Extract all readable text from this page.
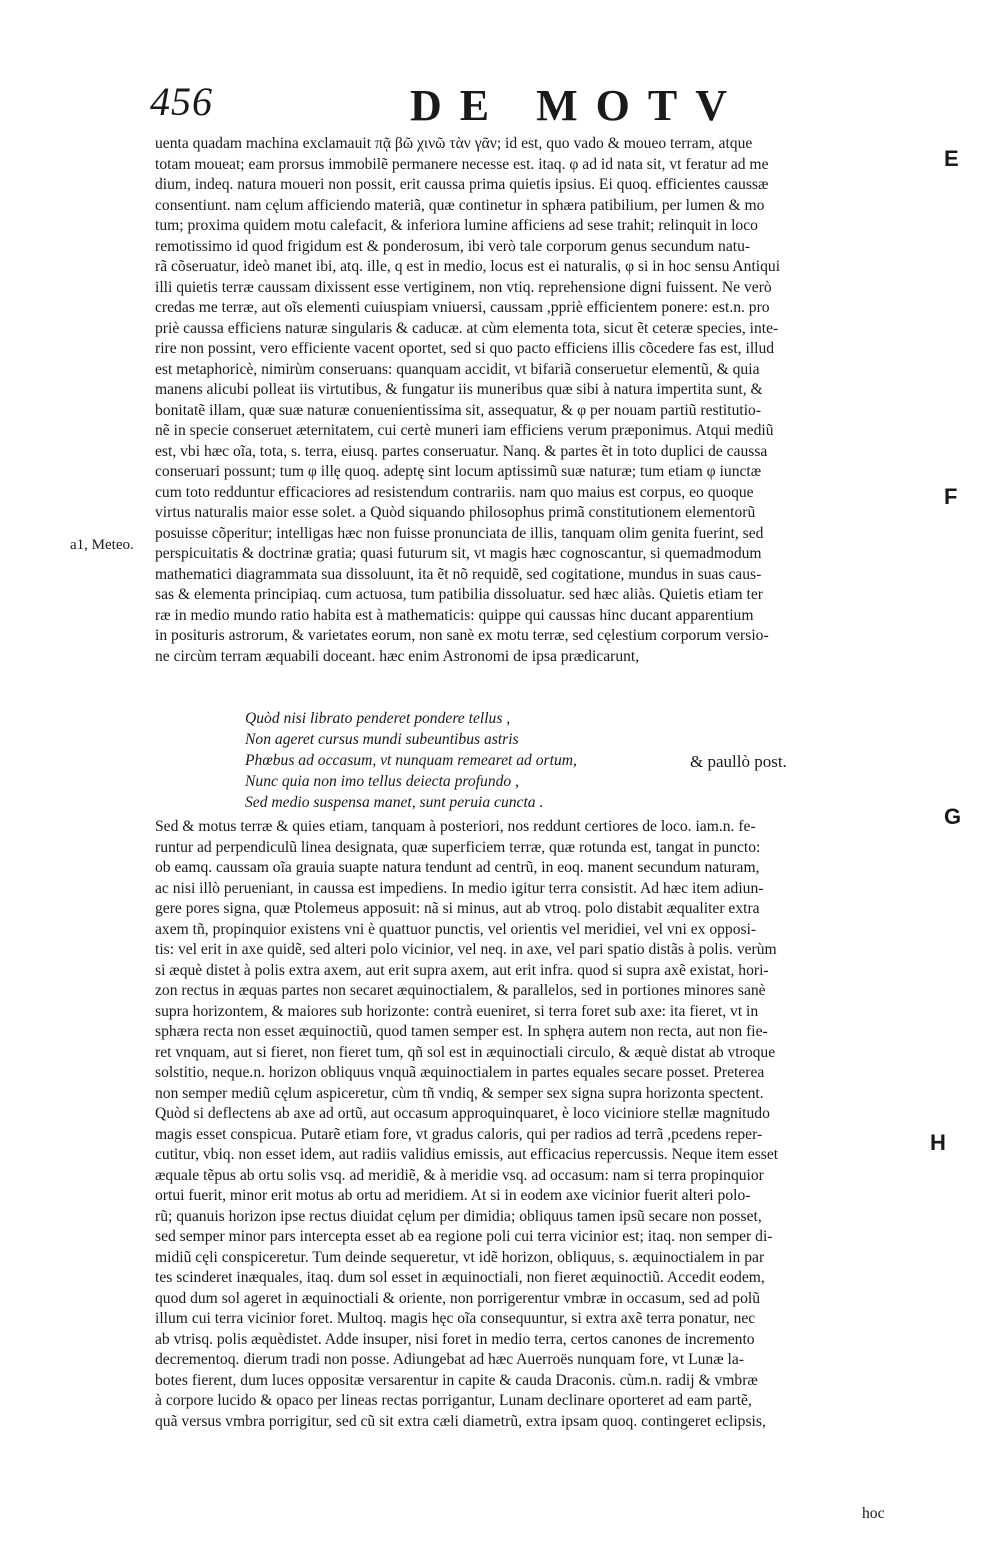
456	DE MOTV
a1, Meteo.
E
F
G
H
uenta quadam machina exclamauit πᾷ βῶ χινῶ τὰν γᾶν; id est, quo vado & moueo terram, atque
totam moueat; eam prorsus immobilẽ permanere necesse est. itaq. φ ad id nata sit, vt feratur ad me
dium, indeq. natura moueri non possit, erit caussa prima quietis ipsius. Ei quoq. efficientes caussæ
consentiunt. nam cęlum afficiendo materiã, quæ continetur in sphæra patibilium, per lumen & mo
tum; proxima quidem motu calefacit, & inferiora lumine afficiens ad sese trahit; relinquit in loco
remotissimo id quod frigidum est & ponderosum, ibi verò tale corporum genus secundum natu-
rã cõseruatur, ideò manet ibi, atq. ille, q est in medio, locus est ei naturalis, φ si in hoc sensu Antiqui
illi quietis terræ caussam dixissent esse vertiginem, non vtiq. reprehensione digni fuissent. Ne verò
credas me terræ, aut oĩs elementi cuiuspiam vniuersi, caussam ,ppriè efficientem ponere: est.n. pro
priè caussa efficiens naturæ singularis & caducæ. at cùm elementa tota, sicut ẽt ceteræ species, inte-
rire non possint, vero efficiente vacent oportet, sed si quo pacto efficiens illis cõcedere fas est, illud
est metaphoricè, nimirùm conseruans: quanquam accidit, vt bifariã conseruetur elementũ, & quia
manens alicubi polleat iis virtutibus, & fungatur iis muneribus quæ sibi à natura impertita sunt, &
bonitatẽ illam, quæ suæ naturæ conuenientissima sit, assequatur, & φ per nouam partiũ restitutio-
nẽ in specie conseruet æternitatem, cui certè muneri iam efficiens verum præponimus. Atqui mediũ
est, vbi hæc oĩa, tota, s. terra, eiusq. partes conseruatur. Nanq. & partes ẽt in toto duplici de caussa
conseruari possunt; tum φ illę quoq. adeptę sint locum aptissimũ suæ naturæ; tum etiam φ iunctæ
cum toto redduntur efficaciores ad resistendum contrariis. nam quo maius est corpus, eo quoque
virtus naturalis maior esse solet. a Quòd siquando philosophus primã constitutionem elementorũ
posuisse cõperitur; intelligas hæc non fuisse pronunciata de illis, tanquam olim genita fuerint, sed
perspicuitatis & doctrinæ gratia; quasi futurum sit, vt magis hæc cognoscantur, si quemadmodum
mathematici diagrammata sua dissoluunt, ita ẽt nõ requidẽ, sed cogitatione, mundus in suas caus-
sas & elementa principiaq. cum actuosa, tum patibilia dissoluatur. sed hæc aliàs. Quietis etiam ter
ræ in medio mundo ratio habita est à mathematicis: quippe qui caussas hinc ducant apparentium
in posituris astrorum, & varietates eorum, non sanè ex motu terræ, sed cęlestium corporum versio-
ne circùm terram æquabili doceant. hæc enim Astronomi de ipsa prædicarunt,
Quòd nisi librato penderet pondere tellus ,
Non ageret cursus mundi subeuntibus astris
Phœbus ad occasum, vt nunquam remearet ad ortum,
Nunc quia non imo tellus deiecta profundo ,
Sed medio suspensa manet, sunt peruia cuncta .
& paullò post.
Sed & motus terræ & quies etiam, tanquam à posteriori, nos reddunt certiores de loco. iam.n. fe-
runtur ad perpendiculũ linea designata, quæ superficiem terræ, quæ rotunda est, tangat in puncto:
ob eamq. caussam oĩa grauia suapte natura tendunt ad centrũ, in eoq. manent secundum naturam,
ac nisi illò perueniant, in caussa est impediens. In medio igitur terra consistit. Ad hæc item adiun-
gere pores signa, quæ Ptolemeus apposuit: nã si minus, aut ab vtroq. polo distabit æqualiter extra
axem tñ, propinquior existens vni è quattuor punctis, vel orientis vel meridiei, vel vni ex opposi-
tis: vel erit in axe quidẽ, sed alteri polo vicinior, vel neq. in axe, vel pari spatio distãs à polis. verùm
si æquè distet à polis extra axem, aut erit supra axem, aut erit infra. quod si supra axẽ existat, hori-
zon rectus in æquas partes non secaret æquinoctialem, & parallelos, sed in portiones minores sanè
supra horizontem, & maiores sub horizonte: contrà eueniret, si terra foret sub axe: ita fieret, vt in
sphæra recta non esset æquinoctiũ, quod tamen semper est. In sphęra autem non recta, aut non fie-
ret vnquam, aut si fieret, non fieret tum, qñ sol est in æquinoctiali circulo, & æquè distat ab vtroque
solstitio, neque.n. horizon obliquus vnquã æquinoctialem in partes equales secare posset. Preterea
non semper mediũ cęlum aspiceretur, cùm tñ vndiq, & semper sex signa supra horizonta spectent.
Quòd si deflectens ab axe ad ortũ, aut occasum approquinquaret, è loco viciniore stellæ magnitudo
magis esset conspicua. Putarẽ etiam fore, vt gradus caloris, qui per radios ad terrã ,pcedens reper-
cutitur, vbiq. non esset idem, aut radiis validius emissis, aut efficacius repercussis. Neque item esset
æquale tẽpus ab ortu solis vsq. ad meridiẽ, & à meridie vsq. ad occasum: nam si terra propinquior
ortui fuerit, minor erit motus ab ortu ad meridiem. At si in eodem axe vicinior fuerit alteri polo-
rũ; quanuis horizon ipse rectus diuidat cęlum per dimidia; obliquus tamen ipsũ secare non posset,
sed semper minor pars intercepta esset ab ea regione poli cui terra vicinior est; itaq. non semper di-
midiũ cęli conspiceretur. Tum deinde sequeretur, vt idẽ horizon, obliquus, s. æquinoctialem in par
tes scinderet inæquales, itaq. dum sol esset in æquinoctiali, non fieret æquinoctiũ. Accedit eodem,
quod dum sol ageret in æquinoctiali & oriente, non porrigerentur vmbræ in occasum, sed ad polũ
illum cui terra vicinior foret. Multoq. magis hęc oĩa consequuntur, si extra axẽ terra ponatur, nec
ab vtrisq. polis æquèdistet. Adde insuper, nisi foret in medio terra, certos canones de incremento
decrementoq. dierum tradi non posse. Adiungebat ad hæc Auerroës nunquam fore, vt Lunæ la-
botes fierent, dum luces oppositæ versarentur in capite & cauda Draconis. cùm.n. radij & vmbræ
à corpore lucido & opaco per lineas rectas porrigantur, Lunam declinare oporteret ad eam partẽ,
quã versus vmbra porrigitur, sed cũ sit extra cæli diametrũ, extra ipsam quoq. contingeret eclipsis,
hoc
